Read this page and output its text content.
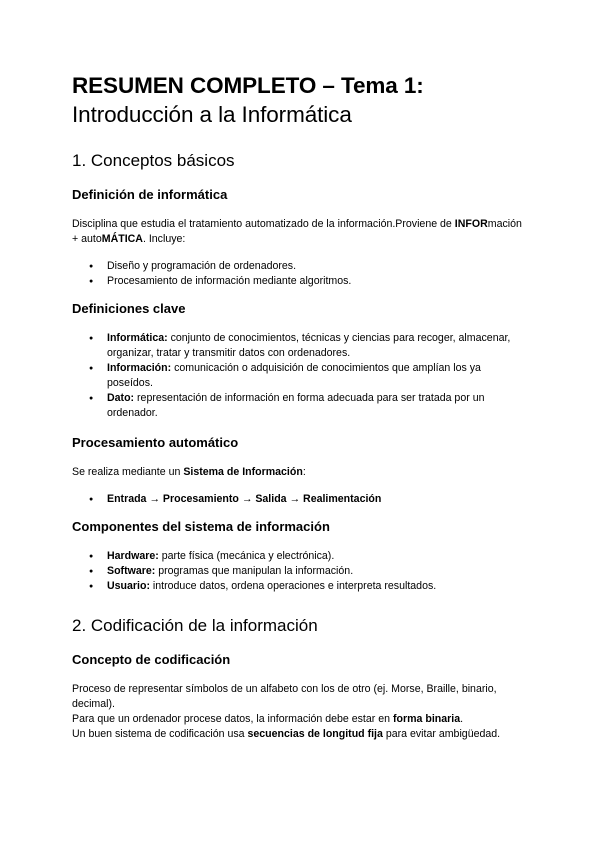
RESUMEN COMPLETO – Tema 1:
Introducción a la Informática
1. Conceptos básicos
Definición de informática

Disciplina que estudia el tratamiento automatizado de la información.Proviene de INFORmación + autoMÁTICA. Incluye:

● Diseño y programación de ordenadores.
● Procesamiento de información mediante algoritmos.
Definiciones clave
● Informática: conjunto de conocimientos, técnicas y ciencias para recoger, almacenar, organizar, tratar y transmitir datos con ordenadores.
● Información: comunicación o adquisición de conocimientos que amplían los ya poseídos.
● Dato: representación de información en forma adecuada para ser tratada por un ordenador.
Procesamiento automático

Se realiza mediante un Sistema de Información:

● Entrada → Procesamiento → Salida → Realimentación
Componentes del sistema de información
● Hardware: parte física (mecánica y electrónica).
● Software: programas que manipulan la información.
● Usuario: introduce datos, ordena operaciones e interpreta resultados.
2. Codificación de la información
Concepto de codificación

Proceso de representar símbolos de un alfabeto con los de otro (ej. Morse, Braille, binario, decimal).
Para que un ordenador procese datos, la información debe estar en forma binaria.
Un buen sistema de codificación usa secuencias de longitud fija para evitar ambigüedad.
